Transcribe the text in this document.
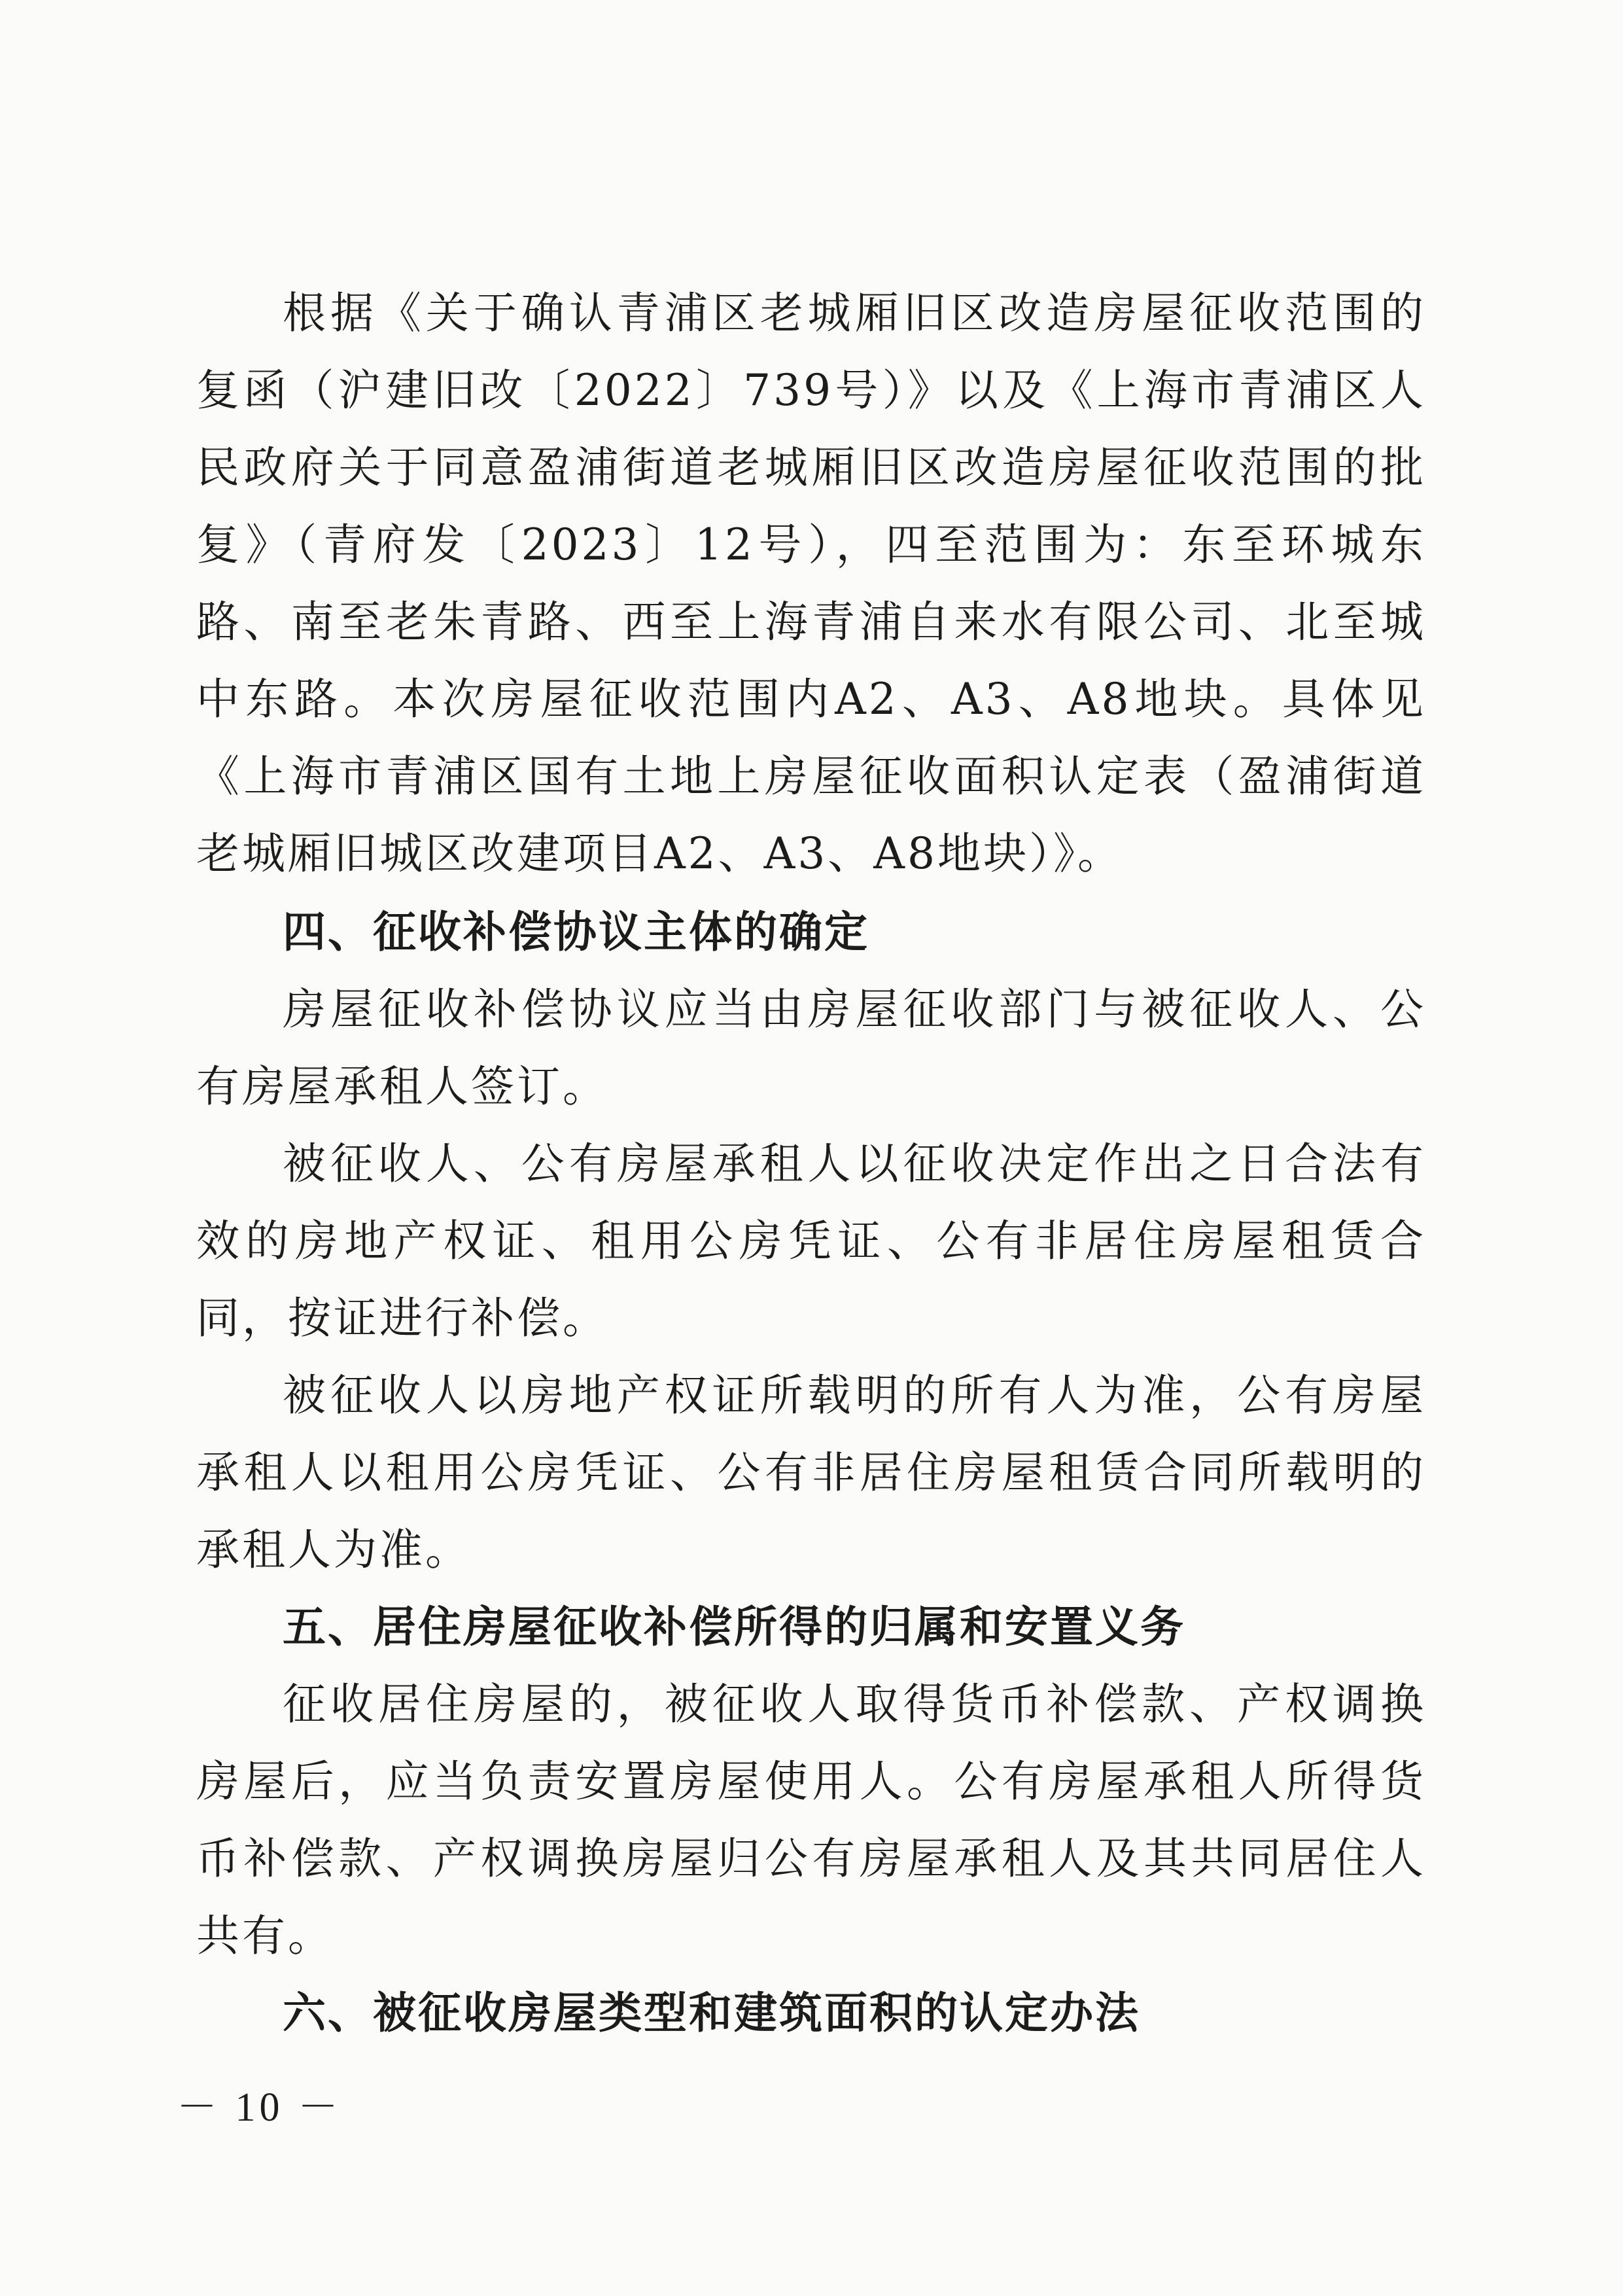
根据《关于确认青浦区老城厢旧区改造房屋征收范围的复函（沪建旧改〔2022〕739号）》以及《上海市青浦区人民政府关于同意盈浦街道老城厢旧区改造房屋征收范围的批复》（青府发〔2023〕12号），四至范围为：东至环城东路、南至老朱青路、西至上海青浦自来水有限公司、北至城中东路。本次房屋征收范围内A2、A3、A8地块。具体见《上海市青浦区国有土地上房屋征收面积认定表（盈浦街道老城厢旧城区改建项目A2、A3、A8地块）》。

四、征收补偿协议主体的确定

房屋征收补偿协议应当由房屋征收部门与被征收人、公有房屋承租人签订。

被征收人、公有房屋承租人以征收决定作出之日合法有效的房地产权证、租用公房凭证、公有非居住房屋租赁合同，按证进行补偿。

被征收人以房地产权证所载明的所有人为准，公有房屋承租人以租用公房凭证、公有非居住房屋租赁合同所载明的承租人为准。

五、居住房屋征收补偿所得的归属和安置义务

征收居住房屋的，被征收人取得货币补偿款、产权调换房屋后，应当负责安置房屋使用人。公有房屋承租人所得货币补偿款、产权调换房屋归公有房屋承租人及其共同居住人共有。

六、被征收房屋类型和建筑面积的认定办法

－ 10 －
